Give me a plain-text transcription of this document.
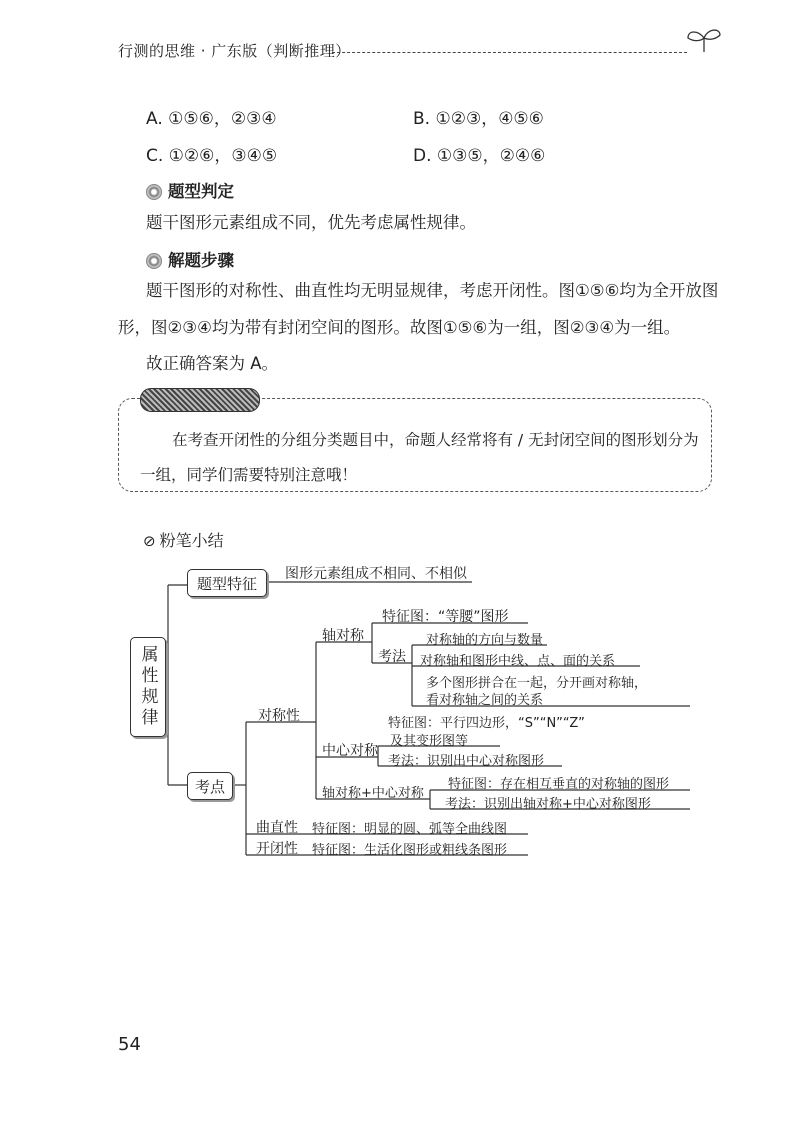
行测的思维 · 广东版（判断推理）
A. ①⑤⑥，②③④	B. ①②③，④⑤⑥
C. ①②⑥，③④⑤	D. ①③⑤，②④⑥
题型判定
题干图形元素组成不同，优先考虑属性规律。
解题步骤
题干图形的对称性、曲直性均无明显规律，考虑开闭性。图①⑤⑥均为全开放图
形，图②③④均为带有封闭空间的图形。故图①⑤⑥为一组，图②③④为一组。
故正确答案为 A。
在考查开闭性的分组分类题目中，命题人经常将有 / 无封闭空间的图形划分为
一组，同学们需要特别注意哦！
⊘ 粉笔小结
属性规律
题型特征
图形元素组成不相同、不相似
考点
对称性
轴对称
特征图：“等腰”图形
考法
对称轴的方向与数量
对称轴和图形中线、点、面的关系
多个图形拼合在一起，分开画对称轴，
看对称轴之间的关系
中心对称
特征图：平行四边形，“S”“N”“Z”
及其变形图等
考法：识别出中心对称图形
轴对称+中心对称
特征图：存在相互垂直的对称轴的图形
考法：识别出轴对称+中心对称图形
曲直性 特征图：明显的圆、弧等全曲线图
开闭性 特征图：生活化图形或粗线条图形
54
